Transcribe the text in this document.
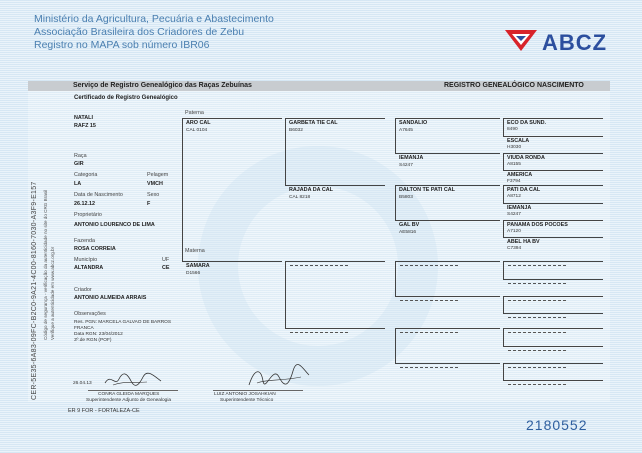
Ministério da Agricultura, Pecuária e Abastecimento
Associação Brasileira dos Criadores de Zebu
Registro no MAPA sob número IBR06	ABCZ
Serviço de Registro Genealógico das Raças Zebuínas	REGISTRO GENEALÓGICO NASCIMENTO
Certificado de Registro Genealógico
NATALI
RAFZ 15
Raça
GIR
Categoria	Pelagem
LA	VMCH
Data de Nascimento	Sexo
26.12.12	F
Proprietário
ANTONIO LOURENCO DE LIMA
Fazenda
ROSA CORREIA
Município	UF
ALTANDRA	CE
Criador
ANTONIO ALMEIDA ARRAIS
Observações
Res. PGN: MARCELA GALVAO DE BARROS
FRANCA
Data RGN: 23/04/2012
3º.de RGN (POF)
26.04.13
Paterna
Materna
ARO CAL
CAL 0104
SAMARA
D1566
GARBETA TIE CAL
B6032
RAJADA DA CAL
CAL 8218
SANDALIO
A7645
IEMANJA
S4247
DALTON TE PATI CAL
B5803
GAL BV
AE5816
ECO DA SUND.
8490
ESCALA
H3030
VIUDA RONDA
A8155
AMERICA
F3794
PATI DA CAL
A8712
IEMANJA
S4247
PANAMA DOS POCOES
A7120
ABEL HA BV
C7394
CONRA GLEIDA MARQUES
Superintendente Adjunto de Genealogia
LUIZ ANTONIO JOSAHKIAN
Superintendente Técnico
CER-5E35-6A83-09FC-B2C0-9A21-4C00-8160-7030-A3F9-E157 Código de segurança - verificação da autenticidade no site do CRG Brasil Verifique a autenticidade em www.abcz.org.br
ER 9 FOR - FORTALEZA-CE
2180552
